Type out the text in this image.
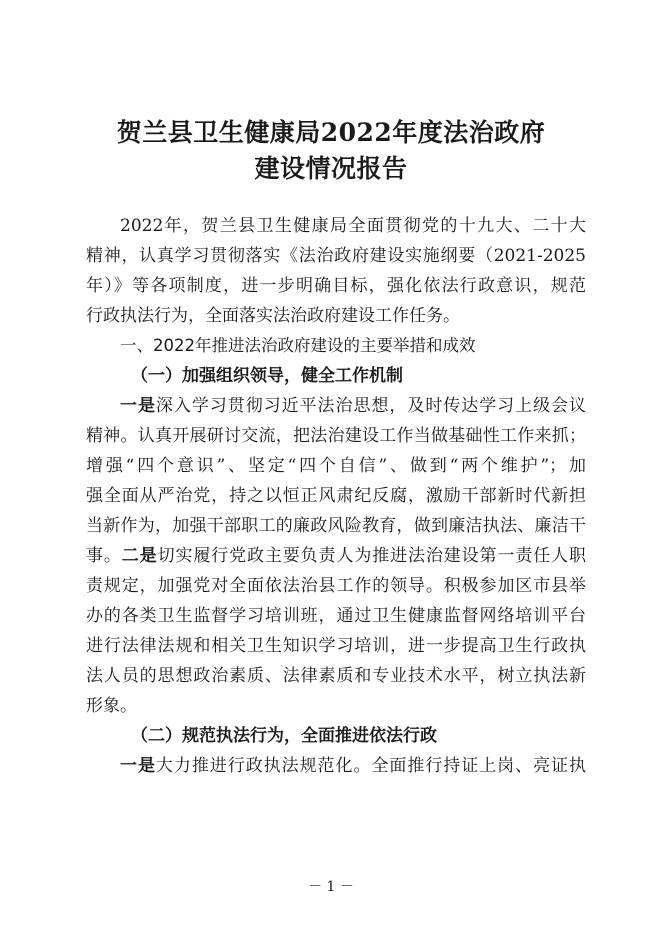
贺兰县卫生健康局2022年度法治政府
建设情况报告
2022年，贺兰县卫生健康局全面贯彻党的十九大、二十大
精神，认真学习贯彻落实《法治政府建设实施纲要（2021-2025
年）》等各项制度，进一步明确目标，强化依法行政意识，规范
行政执法行为，全面落实法治政府建设工作任务。
一、2022年推进法治政府建设的主要举措和成效
（一）加强组织领导，健全工作机制
一是深入学习贯彻习近平法治思想，及时传达学习上级会议
精神。认真开展研讨交流，把法治建设工作当做基础性工作来抓；
增强“四个意识”、坚定“四个自信”、做到“两个维护”；加
强全面从严治党，持之以恒正风肃纪反腐，激励干部新时代新担
当新作为，加强干部职工的廉政风险教育，做到廉洁执法、廉洁干
事。二是切实履行党政主要负责人为推进法治建设第一责任人职
责规定，加强党对全面依法治县工作的领导。积极参加区市县举
办的各类卫生监督学习培训班，通过卫生健康监督网络培训平台
进行法律法规和相关卫生知识学习培训，进一步提高卫生行政执
法人员的思想政治素质、法律素质和专业技术水平，树立执法新
形象。
（二）规范执法行为，全面推进依法行政
一是大力推进行政执法规范化。全面推行持证上岗、亮证执
－ 1 －
